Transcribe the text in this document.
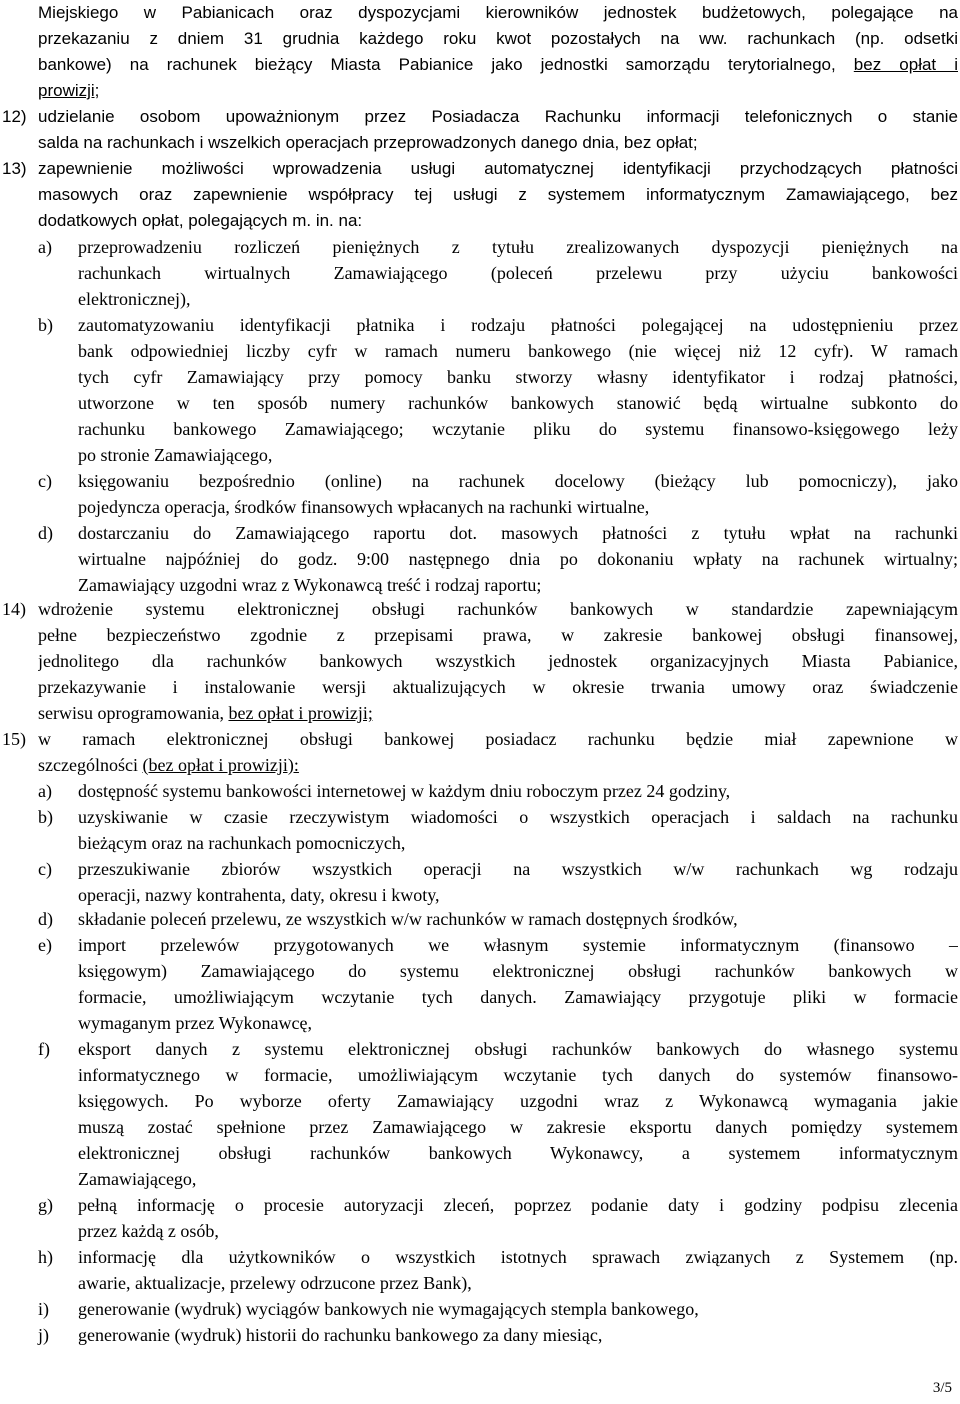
Miejskiego w Pabianicach oraz dyspozycjami kierowników jednostek budżetowych, polegające na
przekazaniu z dniem 31 grudnia każdego roku kwot pozostałych na ww. rachunkach (np. odsetki
bankowe) na rachunek bieżący Miasta Pabianice jako jednostki samorządu terytorialnego, bez opłat i
prowizji;
12) udzielanie osobom upoważnionym przez Posiadacza Rachunku informacji telefonicznych o stanie
salda na rachunkach i wszelkich operacjach przeprowadzonych danego dnia, bez opłat;
13) zapewnienie możliwości wprowadzenia usługi automatycznej identyfikacji przychodzących płatności
masowych oraz zapewnienie współpracy tej usługi z systemem informatycznym Zamawiającego, bez
dodatkowych opłat, polegających m. in. na:
a) przeprowadzeniu rozliczeń pieniężnych z tytułu zrealizowanych dyspozycji pieniężnych na
rachunkach wirtualnych Zamawiającego (poleceń przelewu przy użyciu bankowości
elektronicznej),
b) zautomatyzowaniu identyfikacji płatnika i rodzaju płatności polegającej na udostępnieniu przez
bank odpowiedniej liczby cyfr w ramach numeru bankowego (nie więcej niż 12 cyfr). W ramach
tych cyfr Zamawiający przy pomocy banku stworzy własny identyfikator i rodzaj płatności,
utworzone w ten sposób numery rachunków bankowych stanowić będą wirtualne subkonto do
rachunku bankowego Zamawiającego; wczytanie pliku do systemu finansowo-księgowego leży
po stronie Zamawiającego,
c) księgowaniu bezpośrednio (online) na rachunek docelowy (bieżący lub pomocniczy), jako
pojedyncza operacja, środków finansowych wpłacanych na rachunki wirtualne,
d) dostarczaniu do Zamawiającego raportu dot. masowych płatności z tytułu wpłat na rachunki
wirtualne najpóźniej do godz. 9:00 następnego dnia po dokonaniu wpłaty na rachunek wirtualny;
Zamawiający uzgodni wraz z Wykonawcą treść i rodzaj raportu;
14) wdrożenie systemu elektronicznej obsługi rachunków bankowych w standardzie zapewniającym
pełne bezpieczeństwo zgodnie z przepisami prawa, w zakresie bankowej obsługi finansowej,
jednolitego dla rachunków bankowych wszystkich jednostek organizacyjnych Miasta Pabianice,
przekazywanie i instalowanie wersji aktualizujących w okresie trwania umowy oraz świadczenie
serwisu oprogramowania, bez opłat i prowizji;
15) w ramach elektronicznej obsługi bankowej posiadacz rachunku będzie miał zapewnione w
szczególności (bez opłat i prowizji):
a) dostępność systemu bankowości internetowej w każdym dniu roboczym przez 24 godziny,
b) uzyskiwanie w czasie rzeczywistym wiadomości o wszystkich operacjach i saldach na rachunku
bieżącym oraz na rachunkach pomocniczych,
c) przeszukiwanie zbiorów wszystkich operacji na wszystkich w/w rachunkach wg rodzaju
operacji, nazwy kontrahenta, daty, okresu i kwoty,
d) składanie poleceń przelewu, ze wszystkich w/w rachunków w ramach dostępnych środków,
e) import przelewów przygotowanych we własnym systemie informatycznym (finansowo –
księgowym) Zamawiającego do systemu elektronicznej obsługi rachunków bankowych w
formacie, umożliwiającym wczytanie tych danych. Zamawiający przygotuje pliki w formacie
wymaganym przez Wykonawcę,
f) eksport danych z systemu elektronicznej obsługi rachunków bankowych do własnego systemu
informatycznego w formacie, umożliwiającym wczytanie tych danych do systemów finansowo-
księgowych. Po wyborze oferty Zamawiający uzgodni wraz z Wykonawcą wymagania jakie
muszą zostać spełnione przez Zamawiającego w zakresie eksportu danych pomiędzy systemem
elektronicznej obsługi rachunków bankowych Wykonawcy, a systemem informatycznym
Zamawiającego,
g) pełną informację o procesie autoryzacji zleceń, poprzez podanie daty i godziny podpisu zlecenia
przez każdą z osób,
h) informację dla użytkowników o wszystkich istotnych sprawach związanych z Systemem (np.
awarie, aktualizacje, przelewy odrzucone przez Bank),
i) generowanie (wydruk) wyciągów bankowych nie wymagających stempla bankowego,
j) generowanie (wydruk) historii do rachunku bankowego za dany miesiąc,
3/5
